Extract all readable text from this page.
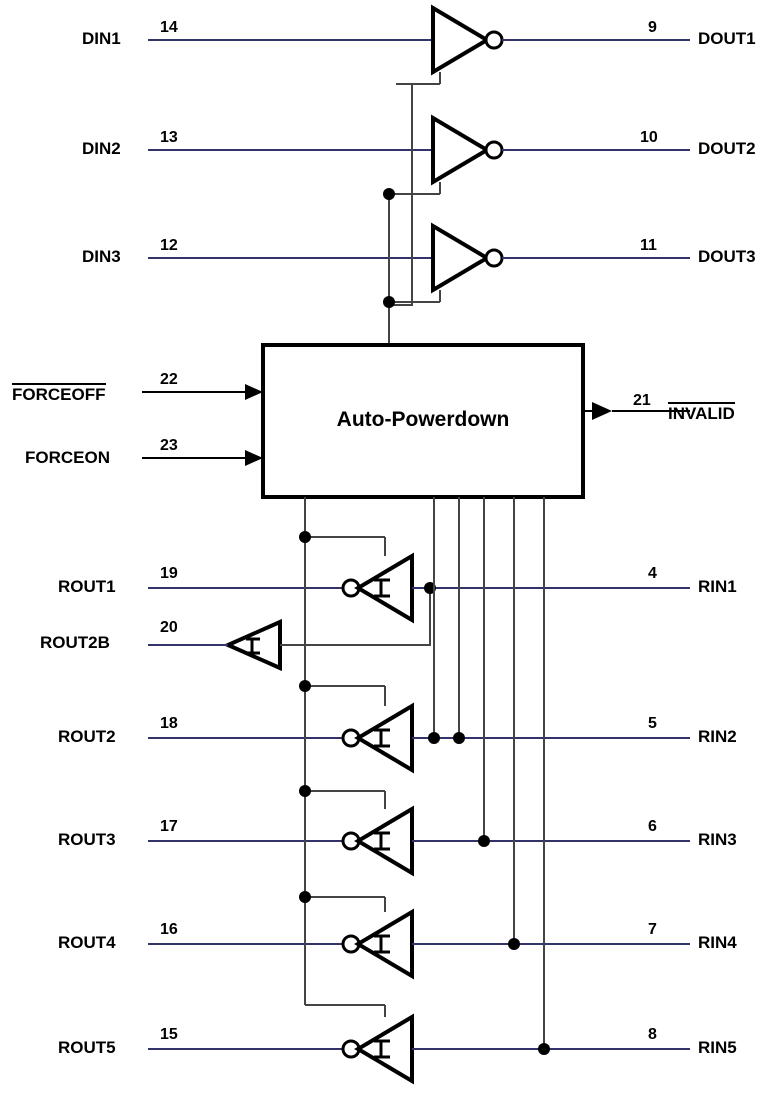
DIN1
14
DIN2
13
DIN3
12
DOUT1
9
DOUT2
10
DOUT3
11
FORCEOFF
22
FORCEON
23
Auto-Powerdown	INVALID
21
ROUT1
19
ROUT2B
20
ROUT2
18
ROUT3
17
ROUT4
16
ROUT5
15
RIN1
4
RIN2
5
RIN3
6
RIN4
7
RIN5
8
